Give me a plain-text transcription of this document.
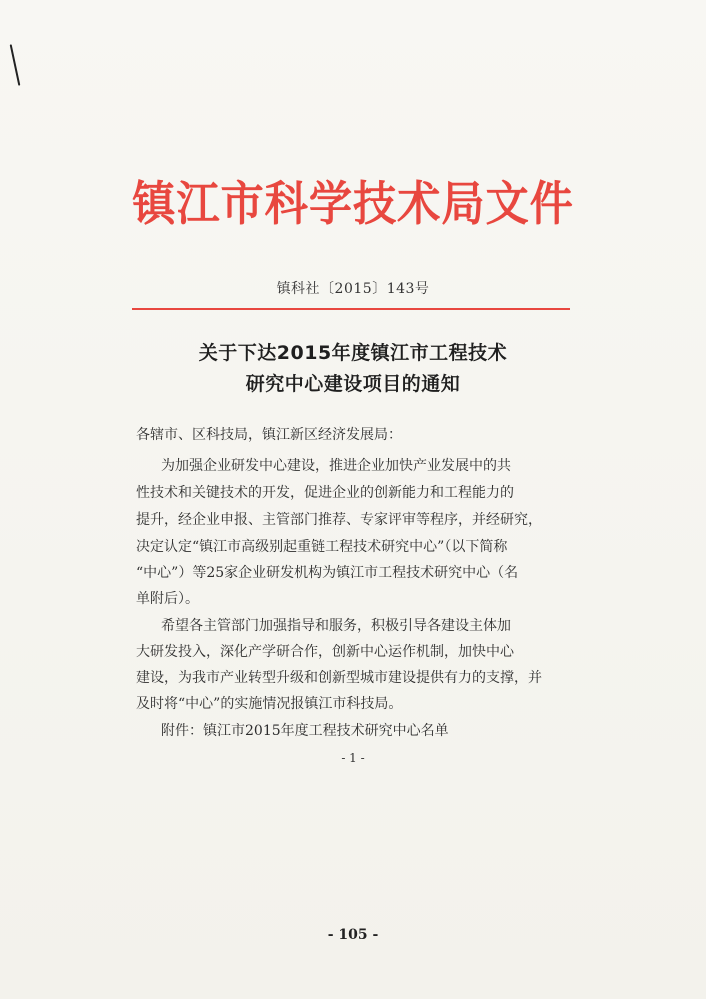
镇江市科学技术局文件
镇科社〔2015〕143号
关于下达2015年度镇江市工程技术
研究中心建设项目的通知

各辖市、区科技局，镇江新区经济发展局：

为加强企业研发中心建设，推进企业加快产业发展中的共

性技术和关键技术的开发，促进企业的创新能力和工程能力的

提升，经企业申报、主管部门推荐、专家评审等程序，并经研究，

决定认定“镇江市高级别起重链工程技术研究中心”（以下简称

“中心”）等25家企业研发机构为镇江市工程技术研究中心（名

单附后）。

希望各主管部门加强指导和服务，积极引导各建设主体加

大研发投入，深化产学研合作，创新中心运作机制，加快中心

建设，为我市产业转型升级和创新型城市建设提供有力的支撑，并

及时将“中心”的实施情况报镇江市科技局。

附件：镇江市2015年度工程技术研究中心名单

- 1 -
- 105 -
